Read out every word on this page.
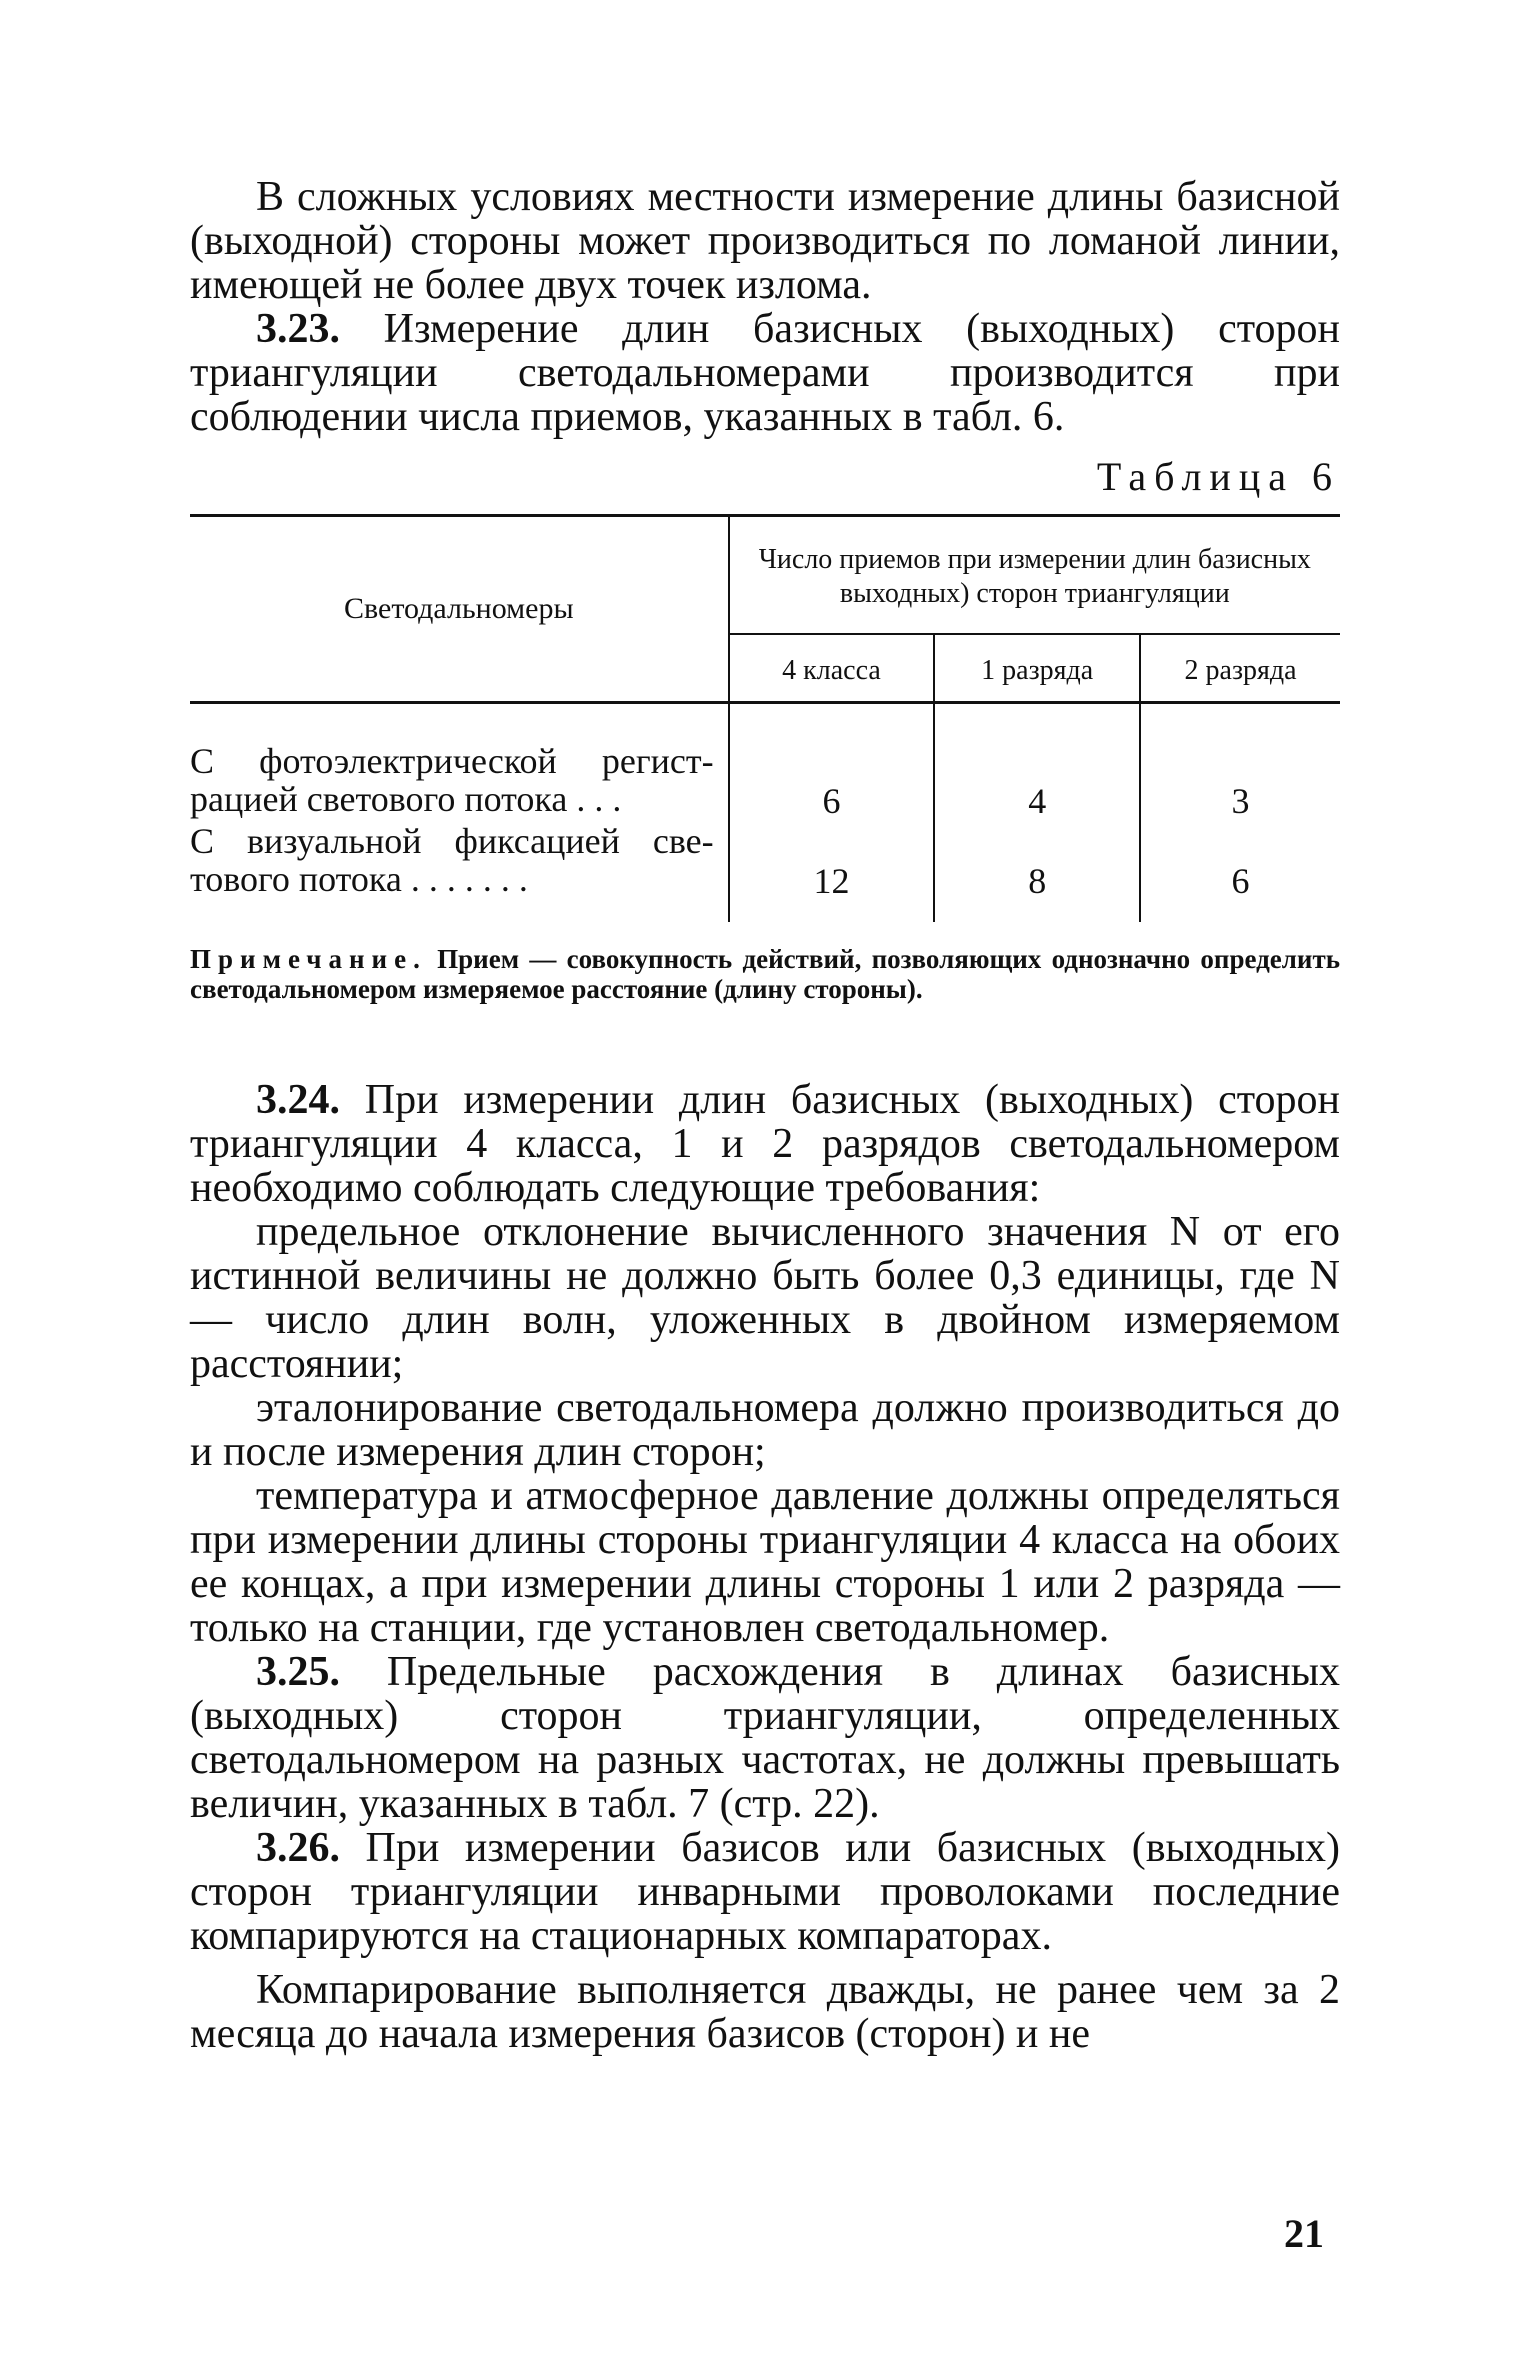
В сложных условиях местности измерение длины базисной (выходной) стороны может производиться по ломаной линии, имеющей не более двух точек излома.

3.23. Измерение длин базисных (выходных) сторон триангуляции светодальномерами производится при соблюдении числа приемов, указанных в табл. 6.

Таблица 6
Светодальномеры	Число приемов при измерении длин базисных выходных) сторон триангуляции		
	4 класса	1 разряда	2 разряда

С фотоэлектрической регист-
рацией светового потока . . .	6	4	3

С визуальной фиксацией све-
тового потока . . . . . . .	12	8	6

Примечание. Прием — совокупность действий, позволяющих однозначно определить светодальномером измеряемое расстояние (длину стороны).

3.24. При измерении длин базисных (выходных) сторон триангуляции 4 класса, 1 и 2 разрядов светодальномером необходимо соблюдать следующие требования:

предельное отклонение вычисленного значения N от его истинной величины не должно быть более 0,3 единицы, где N — число длин волн, уложенных в двойном измеряемом расстоянии;

эталонирование светодальномера должно производиться до и после измерения длин сторон;

температура и атмосферное давление должны определяться при измерении длины стороны триангуляции 4 класса на обоих ее концах, а при измерении длины стороны 1 или 2 разряда — только на станции, где установлен светодальномер.

3.25. Предельные расхождения в длинах базисных (выходных) сторон триангуляции, определенных светодальномером на разных частотах, не должны превышать величин, указанных в табл. 7 (стр. 22).

3.26. При измерении базисов или базисных (выходных) сторон триангуляции инварными проволоками последние компарируются на стационарных компараторах.

Компарирование выполняется дважды, не ранее чем за 2 месяца до начала измерения базисов (сторон) и не

21
